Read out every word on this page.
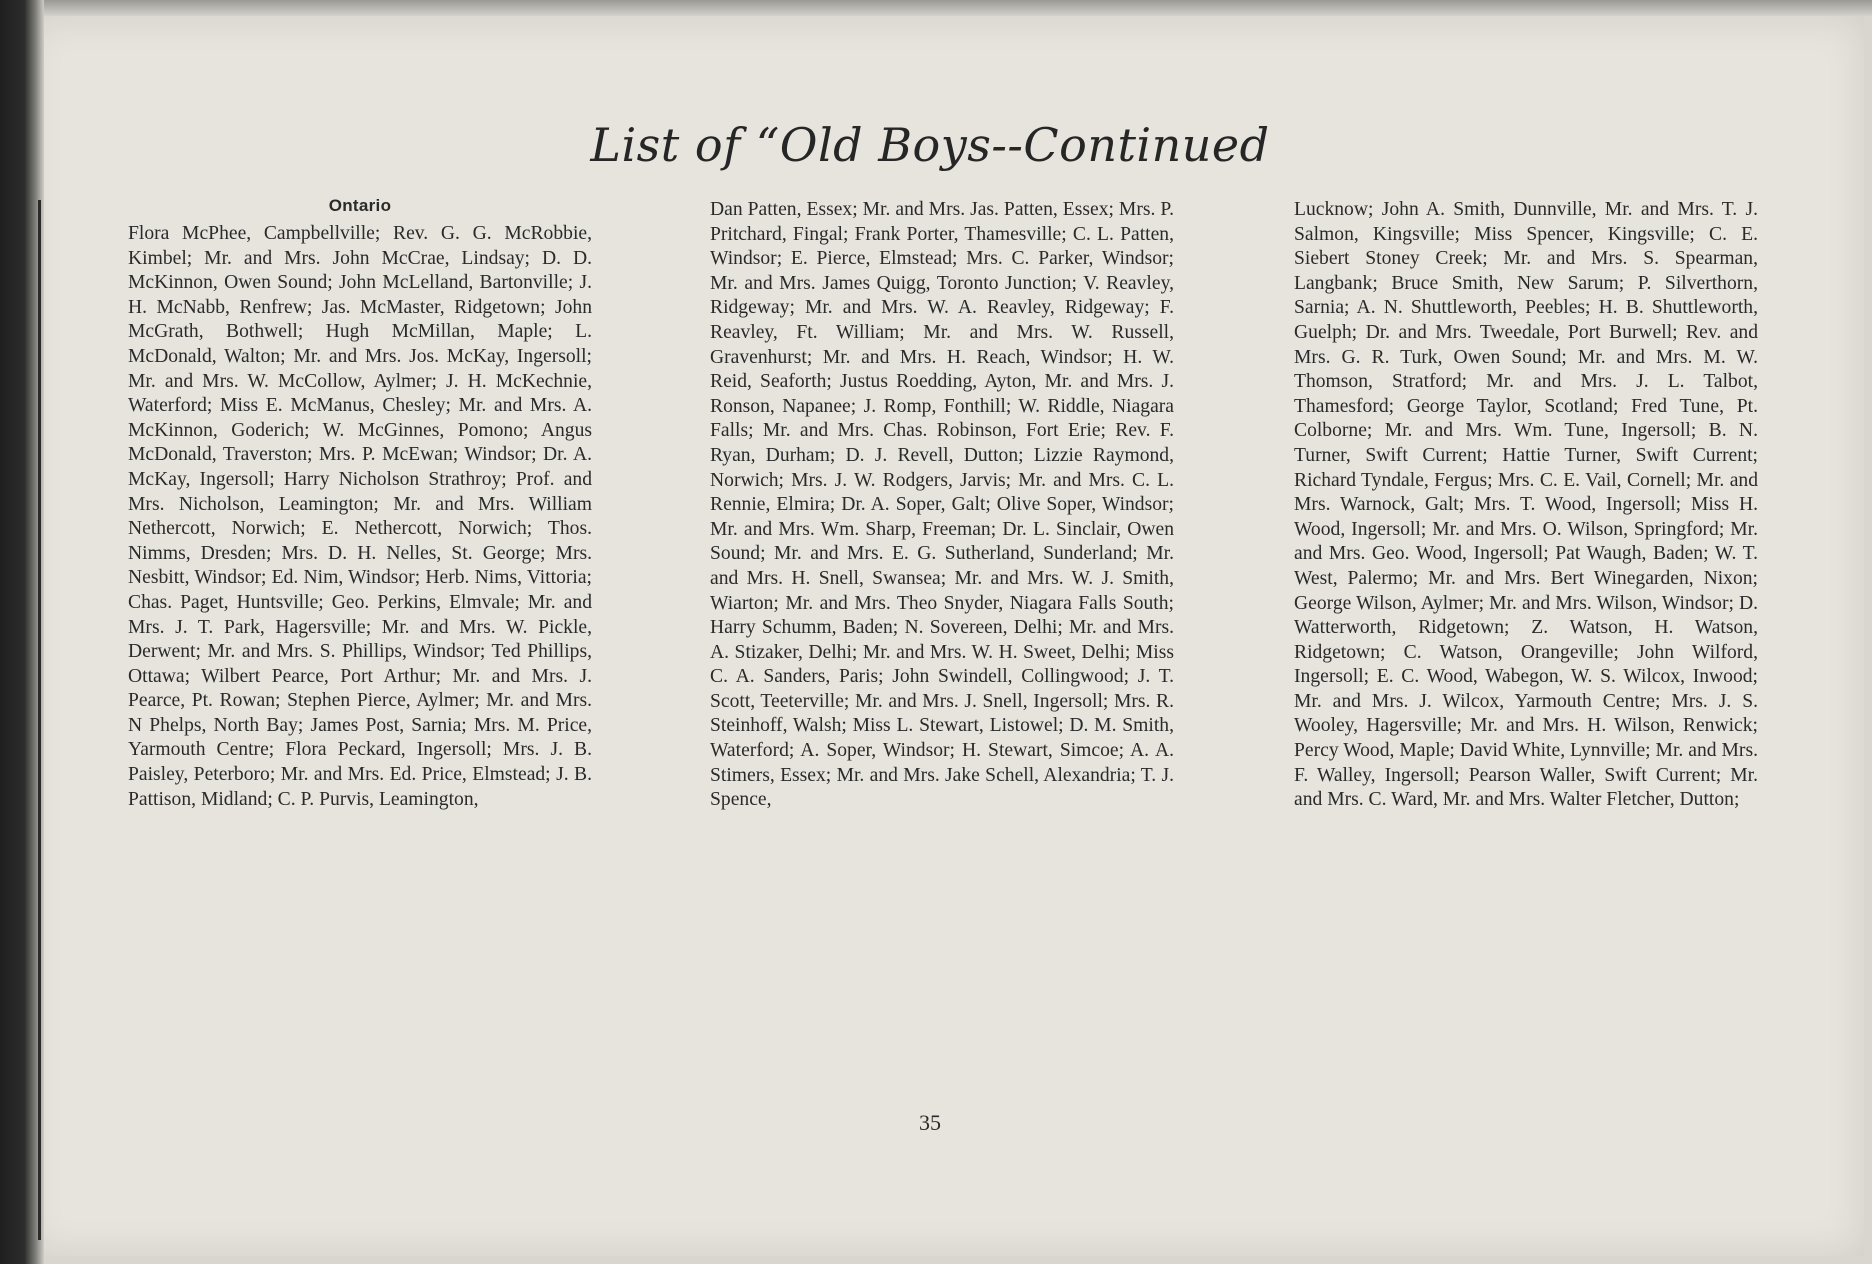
List of “Old Boys--Continued
Ontario

Flora McPhee, Campbellville; Rev. G. G. McRobbie, Kimbel; Mr. and Mrs. John McCrae, Lindsay; D. D. McKinnon, Owen Sound; John McLelland, Bartonville; J. H. McNabb, Renfrew; Jas. McMaster, Ridgetown; John McGrath, Bothwell; Hugh McMillan, Maple; L. McDonald, Walton; Mr. and Mrs. Jos. McKay, Ingersoll; Mr. and Mrs. W. McCollow, Aylmer; J. H. McKechnie, Waterford; Miss E. McManus, Chesley; Mr. and Mrs. A. McKinnon, Goderich; W. McGinnes, Pomono; Angus McDonald, Traverston; Mrs. P. McEwan; Windsor; Dr. A. McKay, Ingersoll; Harry Nicholson Strathroy; Prof. and Mrs. Nicholson, Leamington; Mr. and Mrs. William Nethercott, Norwich; E. Nethercott, Norwich; Thos. Nimms, Dresden; Mrs. D. H. Nelles, St. George; Mrs. Nesbitt, Windsor; Ed. Nim, Windsor; Herb. Nims, Vittoria; Chas. Paget, Huntsville; Geo. Perkins, Elmvale; Mr. and Mrs. J. T. Park, Hagersville; Mr. and Mrs. W. Pickle, Derwent; Mr. and Mrs. S. Phillips, Windsor; Ted Phillips, Ottawa; Wilbert Pearce, Port Arthur; Mr. and Mrs. J. Pearce, Pt. Rowan; Stephen Pierce, Aylmer; Mr. and Mrs. N Phelps, North Bay; James Post, Sarnia; Mrs. M. Price, Yarmouth Centre; Flora Peckard, Ingersoll; Mrs. J. B. Paisley, Peterboro; Mr. and Mrs. Ed. Price, Elmstead; J. B. Pattison, Midland; C. P. Purvis, Leamington,

Dan Patten, Essex; Mr. and Mrs. Jas. Patten, Essex; Mrs. P. Pritchard, Fingal; Frank Porter, Thamesville; C. L. Patten, Windsor; E. Pierce, Elmstead; Mrs. C. Parker, Windsor; Mr. and Mrs. James Quigg, Toronto Junction; V. Reavley, Ridgeway; Mr. and Mrs. W. A. Reavley, Ridgeway; F. Reavley, Ft. William; Mr. and Mrs. W. Russell, Gravenhurst; Mr. and Mrs. H. Reach, Windsor; H. W. Reid, Seaforth; Justus Roedding, Ayton, Mr. and Mrs. J. Ronson, Napanee; J. Romp, Fonthill; W. Riddle, Niagara Falls; Mr. and Mrs. Chas. Robinson, Fort Erie; Rev. F. Ryan, Durham; D. J. Revell, Dutton; Lizzie Raymond, Norwich; Mrs. J. W. Rodgers, Jarvis; Mr. and Mrs. C. L. Rennie, Elmira; Dr. A. Soper, Galt; Olive Soper, Windsor; Mr. and Mrs. Wm. Sharp, Freeman; Dr. L. Sinclair, Owen Sound; Mr. and Mrs. E. G. Sutherland, Sunderland; Mr. and Mrs. H. Snell, Swansea; Mr. and Mrs. W. J. Smith, Wiarton; Mr. and Mrs. Theo Snyder, Niagara Falls South; Harry Schumm, Baden; N. Sovereen, Delhi; Mr. and Mrs. A. Stizaker, Delhi; Mr. and Mrs. W. H. Sweet, Delhi; Miss C. A. Sanders, Paris; John Swindell, Collingwood; J. T. Scott, Teeterville; Mr. and Mrs. J. Snell, Ingersoll; Mrs. R. Steinhoff, Walsh; Miss L. Stewart, Listowel; D. M. Smith, Waterford; A. Soper, Windsor; H. Stewart, Simcoe; A. A. Stimers, Essex; Mr. and Mrs. Jake Schell, Alexandria; T. J. Spence,

Lucknow; John A. Smith, Dunnville, Mr. and Mrs. T. J. Salmon, Kingsville; Miss Spencer, Kingsville; C. E. Siebert Stoney Creek; Mr. and Mrs. S. Spearman, Langbank; Bruce Smith, New Sarum; P. Silverthorn, Sarnia; A. N. Shuttleworth, Peebles; H. B. Shuttleworth, Guelph; Dr. and Mrs. Tweedale, Port Burwell; Rev. and Mrs. G. R. Turk, Owen Sound; Mr. and Mrs. M. W. Thomson, Stratford; Mr. and Mrs. J. L. Talbot, Thamesford; George Taylor, Scotland; Fred Tune, Pt. Colborne; Mr. and Mrs. Wm. Tune, Ingersoll; B. N. Turner, Swift Current; Hattie Turner, Swift Current; Richard Tyndale, Fergus; Mrs. C. E. Vail, Cornell; Mr. and Mrs. Warnock, Galt; Mrs. T. Wood, Ingersoll; Miss H. Wood, Ingersoll; Mr. and Mrs. O. Wilson, Springford; Mr. and Mrs. Geo. Wood, Ingersoll; Pat Waugh, Baden; W. T. West, Palermo; Mr. and Mrs. Bert Winegarden, Nixon; George Wilson, Aylmer; Mr. and Mrs. Wilson, Windsor; D. Watterworth, Ridgetown; Z. Watson, H. Watson, Ridgetown; C. Watson, Orangeville; John Wilford, Ingersoll; E. C. Wood, Wabegon, W. S. Wilcox, Inwood; Mr. and Mrs. J. Wilcox, Yarmouth Centre; Mrs. J. S. Wooley, Hagersville; Mr. and Mrs. H. Wilson, Renwick; Percy Wood, Maple; David White, Lynnville; Mr. and Mrs. F. Walley, Ingersoll; Pearson Waller, Swift Current; Mr. and Mrs. C. Ward, Mr. and Mrs. Walter Fletcher, Dutton;

35
